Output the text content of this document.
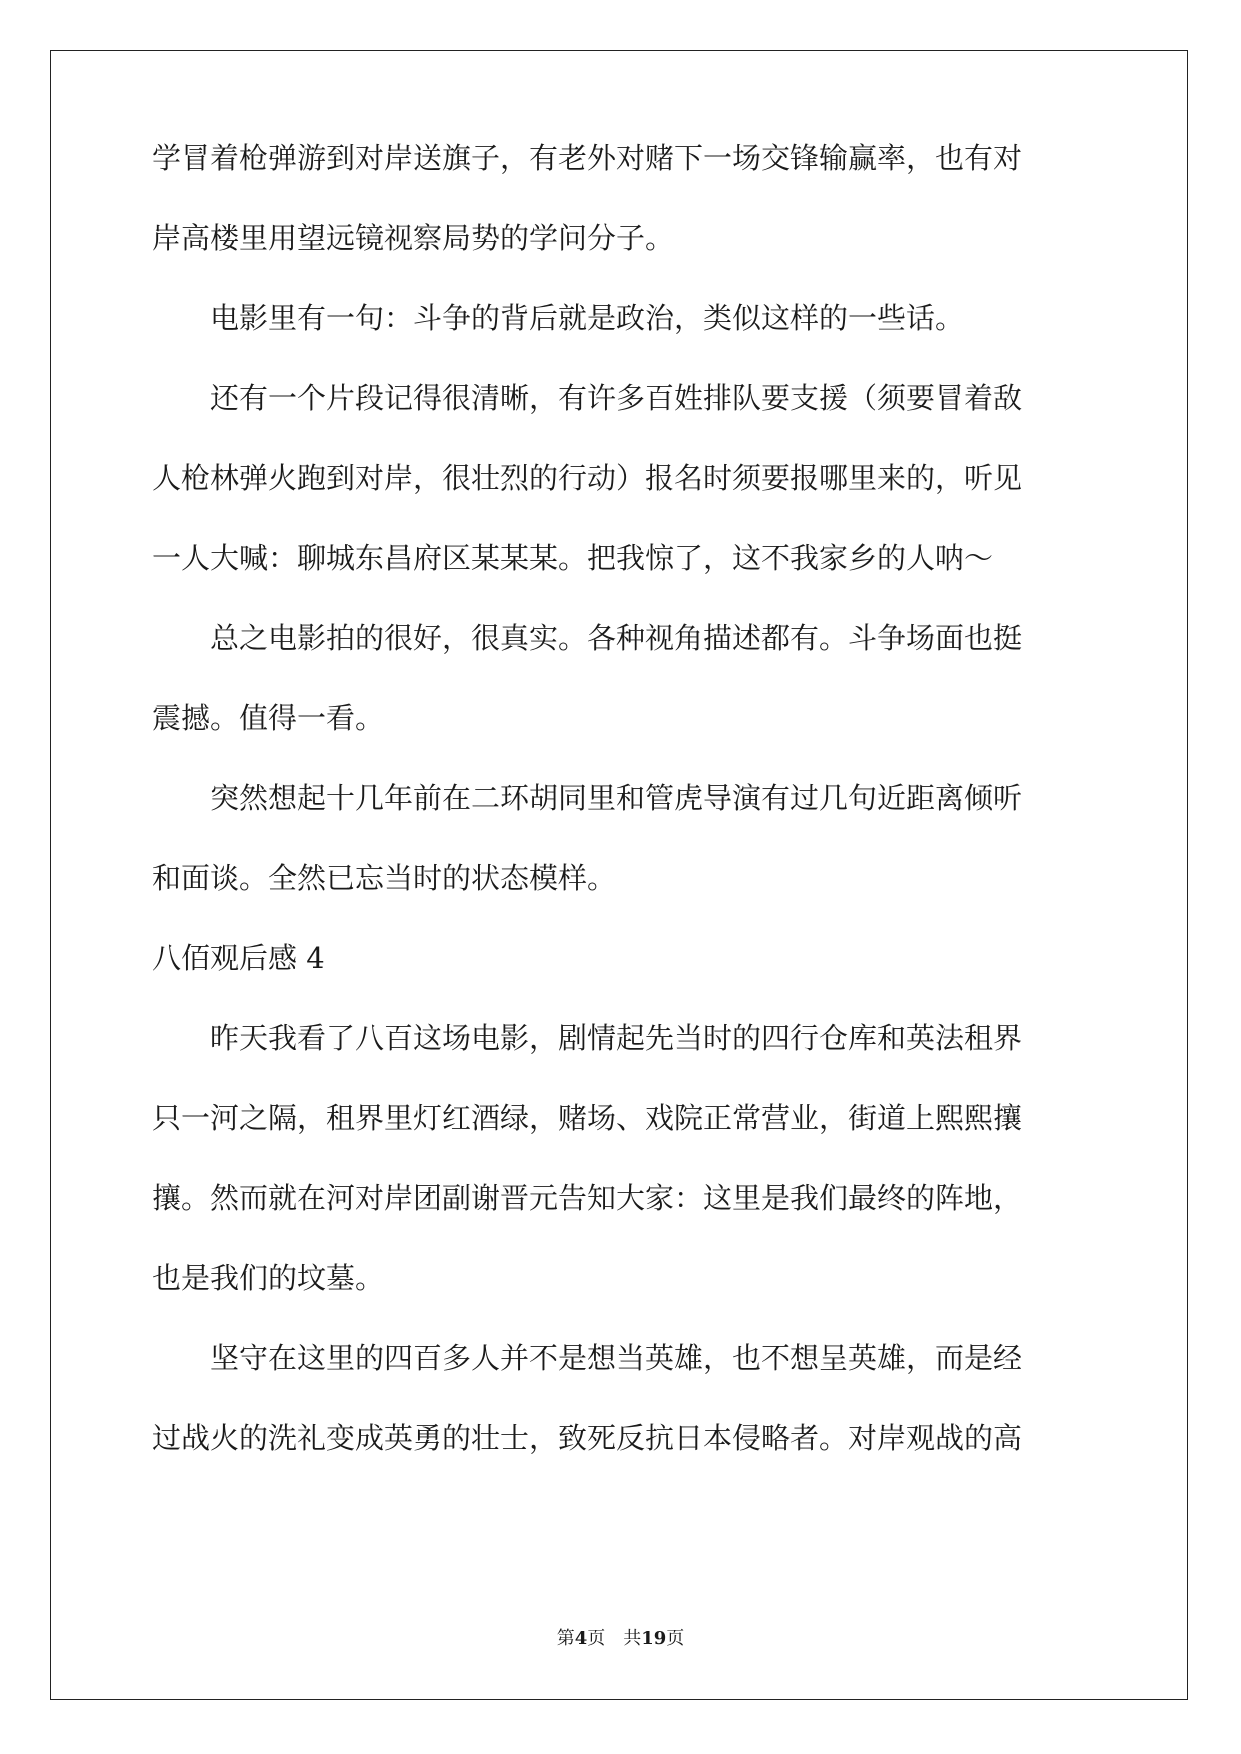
学冒着枪弹游到对岸送旗子，有老外对赌下一场交锋输赢率，也有对

岸高楼里用望远镜视察局势的学问分子。

　　电影里有一句：斗争的背后就是政治，类似这样的一些话。

　　还有一个片段记得很清晰，有许多百姓排队要支援（须要冒着敌

人枪林弹火跑到对岸，很壮烈的行动）报名时须要报哪里来的，听见

一人大喊：聊城东昌府区某某某。把我惊了，这不我家乡的人呐～

　　总之电影拍的很好，很真实。各种视角描述都有。斗争场面也挺

震撼。值得一看。

　　突然想起十几年前在二环胡同里和管虎导演有过几句近距离倾听

和面谈。全然已忘当时的状态模样。

八佰观后感 4

　　昨天我看了八百这场电影，剧情起先当时的四行仓库和英法租界

只一河之隔，租界里灯红酒绿，赌场、戏院正常营业，街道上熙熙攘

攘。然而就在河对岸团副谢晋元告知大家：这里是我们最终的阵地，

也是我们的坟墓。

　　坚守在这里的四百多人并不是想当英雄，也不想呈英雄，而是经

过战火的洗礼变成英勇的壮士，致死反抗日本侵略者。对岸观战的高

第4页　共19页
